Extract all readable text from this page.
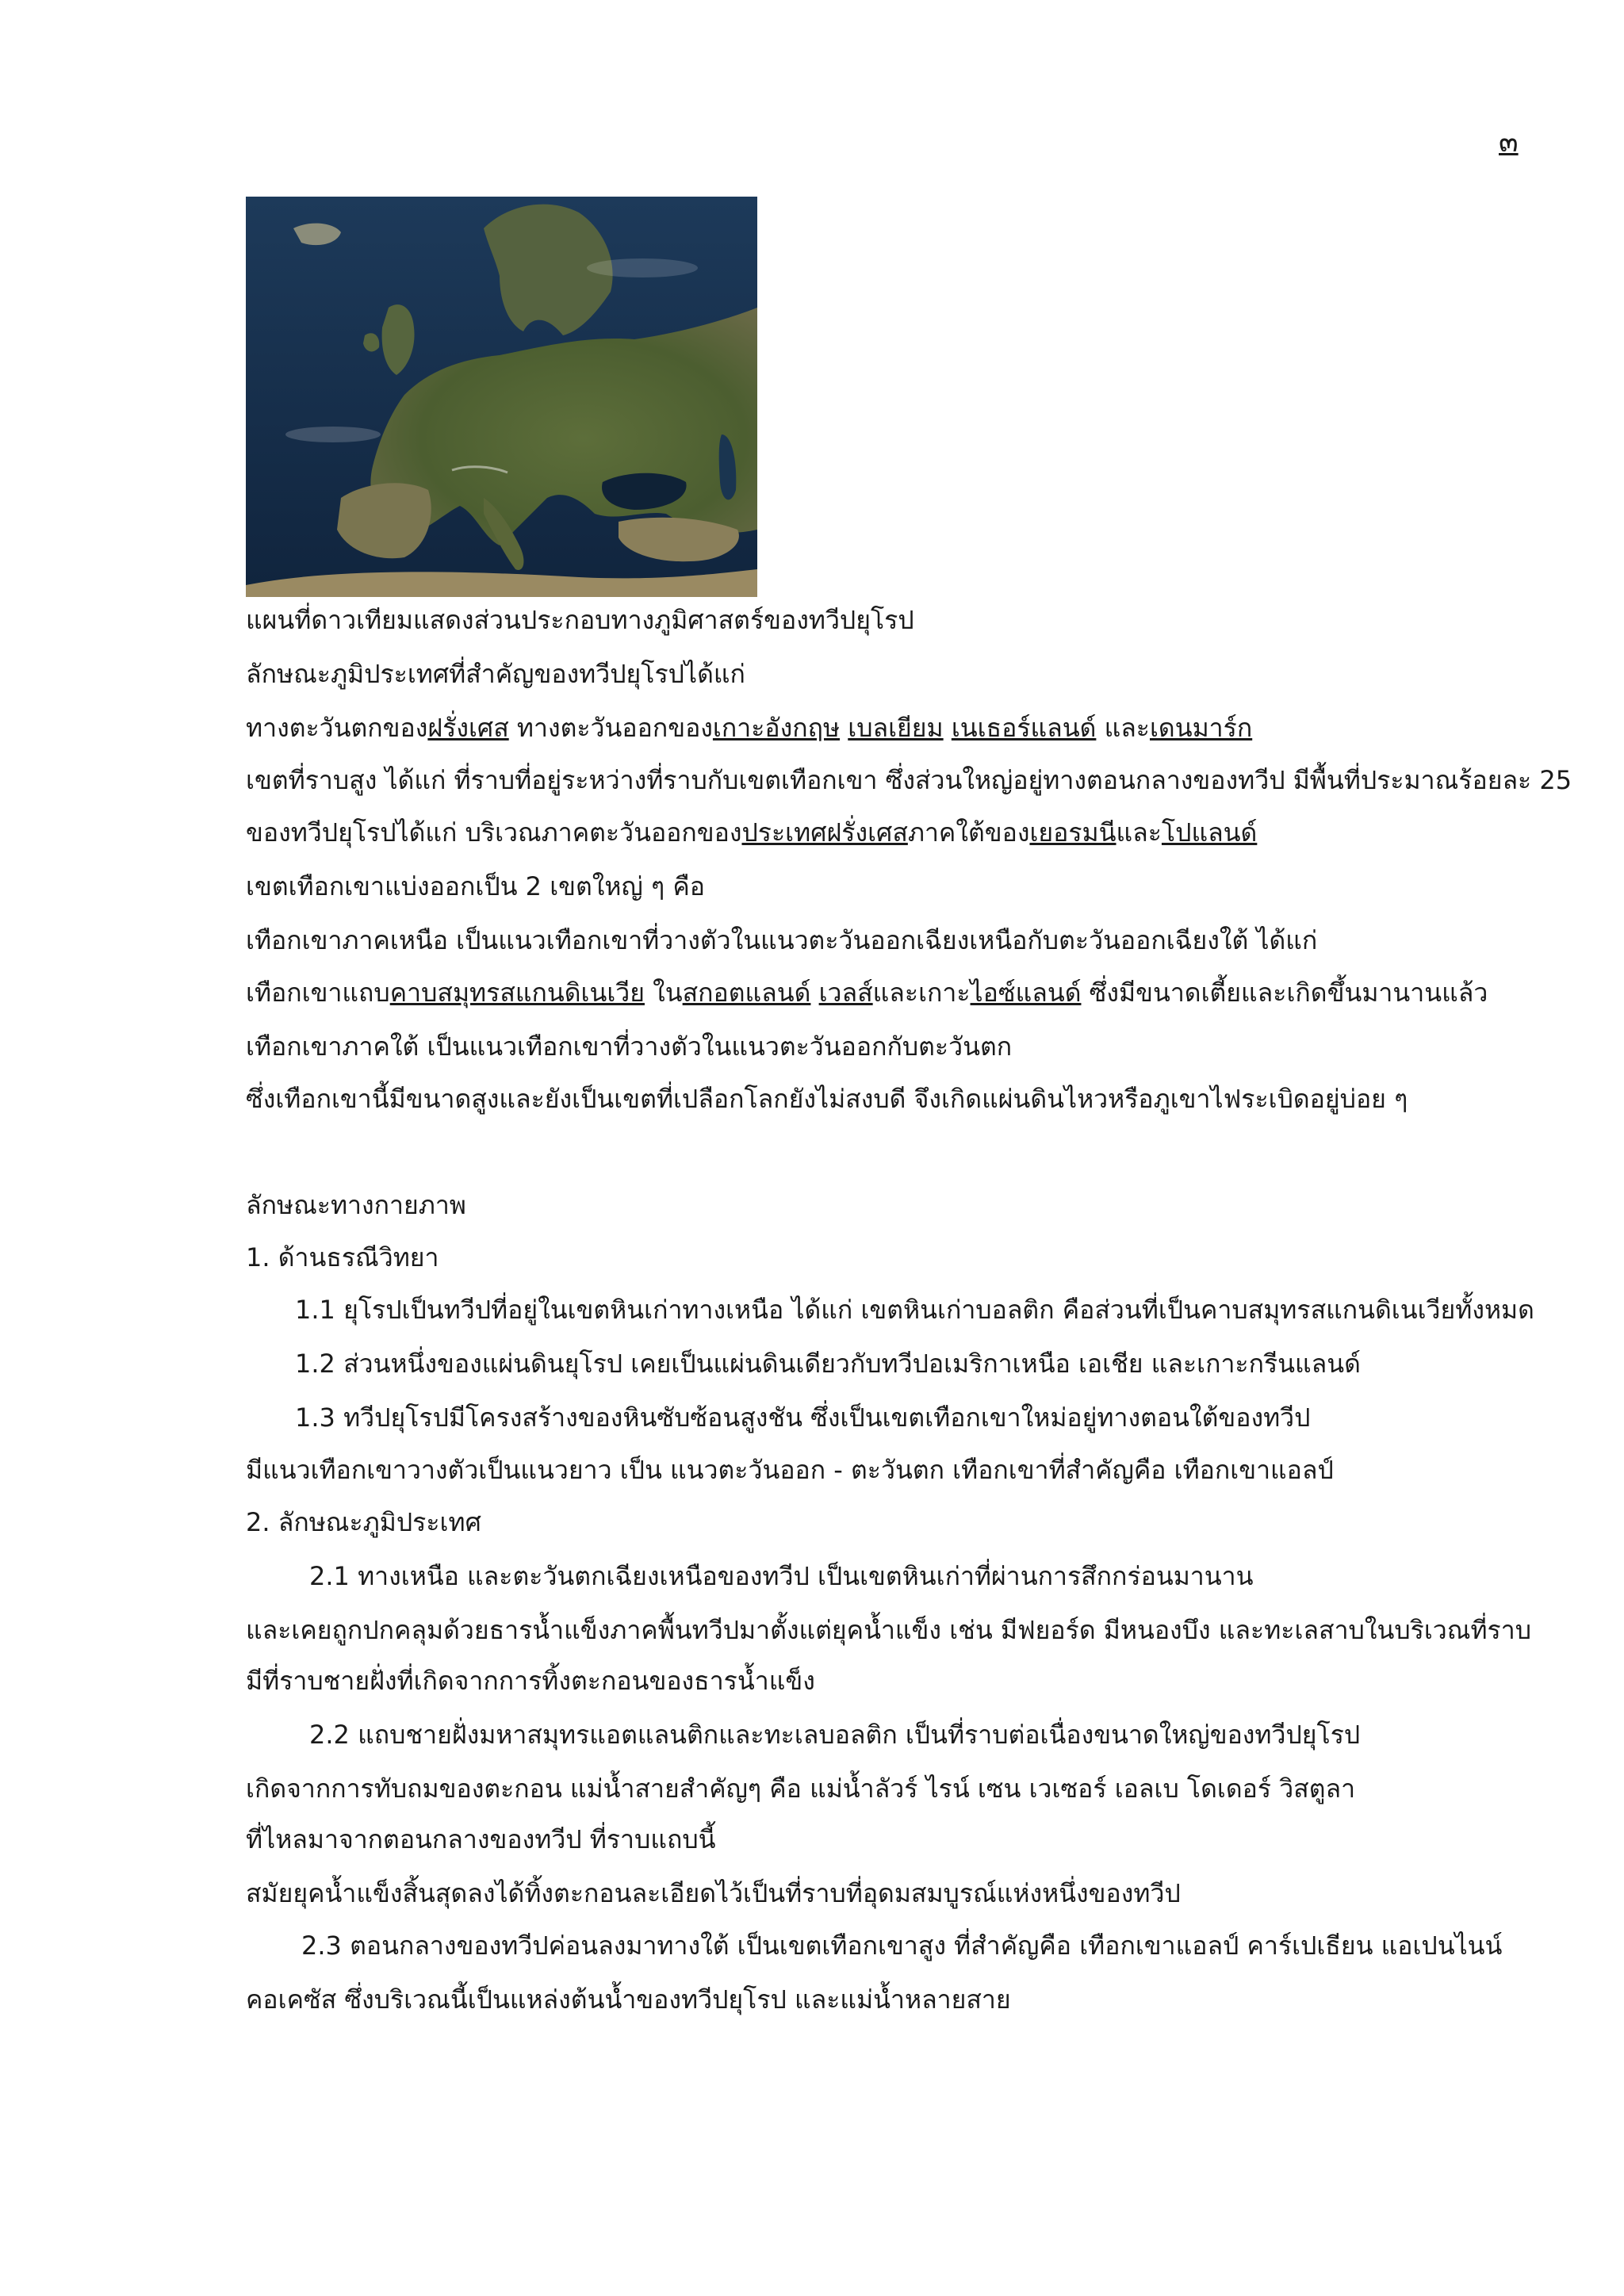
๓
แผนที่ดาวเทียมแสดงส่วนประกอบทางภูมิศาสตร์ของทวีปยุโรป
ลักษณะภูมิประเทศที่สำคัญของทวีปยุโรปได้แก่
ทางตะวันตกของฝรั่งเศส ทางตะวันออกของเกาะอังกฤษ เบลเยียม เนเธอร์แลนด์ และเดนมาร์ก
เขตที่ราบสูง ได้แก่ ที่ราบที่อยู่ระหว่างที่ราบกับเขตเทือกเขา ซึ่งส่วนใหญ่อยู่ทางตอนกลางของทวีป มีพื้นที่ประมาณร้อยละ 25
ของทวีปยุโรปได้แก่ บริเวณภาคตะวันออกของประเทศฝรั่งเศสภาคใต้ของเยอรมนีและโปแลนด์
เขตเทือกเขาแบ่งออกเป็น 2 เขตใหญ่ ๆ คือ
เทือกเขาภาคเหนือ เป็นแนวเทือกเขาที่วางตัวในแนวตะวันออกเฉียงเหนือกับตะวันออกเฉียงใต้ ได้แก่
เทือกเขาแถบคาบสมุทรสแกนดิเนเวีย ในสกอตแลนด์ เวลส์และเกาะไอซ์แลนด์ ซึ่งมีขนาดเตี้ยและเกิดขึ้นมานานแล้ว
เทือกเขาภาคใต้ เป็นแนวเทือกเขาที่วางตัวในแนวตะวันออกกับตะวันตก
ซึ่งเทือกเขานี้มีขนาดสูงและยังเป็นเขตที่เปลือกโลกยังไม่สงบดี จึงเกิดแผ่นดินไหวหรือภูเขาไฟระเบิดอยู่บ่อย ๆ
ลักษณะทางกายภาพ
1. ด้านธรณีวิทยา
1.1 ยุโรปเป็นทวีปที่อยู่ในเขตหินเก่าทางเหนือ ได้แก่ เขตหินเก่าบอลติก คือส่วนที่เป็นคาบสมุทรสแกนดิเนเวียทั้งหมด
1.2 ส่วนหนึ่งของแผ่นดินยุโรป เคยเป็นแผ่นดินเดียวกับทวีปอเมริกาเหนือ เอเชีย และเกาะกรีนแลนด์
1.3 ทวีปยุโรปมีโครงสร้างของหินซับซ้อนสูงชัน ซึ่งเป็นเขตเทือกเขาใหม่อยู่ทางตอนใต้ของทวีป
มีแนวเทือกเขาวางตัวเป็นแนวยาว เป็น แนวตะวันออก - ตะวันตก เทือกเขาที่สำคัญคือ เทือกเขาแอลป์
2. ลักษณะภูมิประเทศ
2.1 ทางเหนือ และตะวันตกเฉียงเหนือของทวีป เป็นเขตหินเก่าที่ผ่านการสึกกร่อนมานาน
และเคยถูกปกคลุมด้วยธารน้ำแข็งภาคพื้นทวีปมาตั้งแต่ยุคน้ำแข็ง เช่น มีฟยอร์ด มีหนองบึง และทะเลสาบในบริเวณที่ราบ
มีที่ราบชายฝั่งที่เกิดจากการทิ้งตะกอนของธารน้ำแข็ง
2.2 แถบชายฝั่งมหาสมุทรแอตแลนติกและทะเลบอลติก เป็นที่ราบต่อเนื่องขนาดใหญ่ของทวีปยุโรป
เกิดจากการทับถมของตะกอน แม่น้ำสายสำคัญๆ คือ แม่น้ำลัวร์ ไรน์ เซน เวเซอร์ เอลเบ โดเดอร์ วิสตูลา
ที่ไหลมาจากตอนกลางของทวีป ที่ราบแถบนี้
สมัยยุคน้ำแข็งสิ้นสุดลงได้ทิ้งตะกอนละเอียดไว้เป็นที่ราบที่อุดมสมบูรณ์แห่งหนึ่งของทวีป
2.3 ตอนกลางของทวีปค่อนลงมาทางใต้ เป็นเขตเทือกเขาสูง ที่สำคัญคือ เทือกเขาแอลป์ คาร์เปเธียน แอเปนไนน์
คอเคซัส ซึ่งบริเวณนี้เป็นแหล่งต้นน้ำของทวีปยุโรป และแม่น้ำหลายสาย
